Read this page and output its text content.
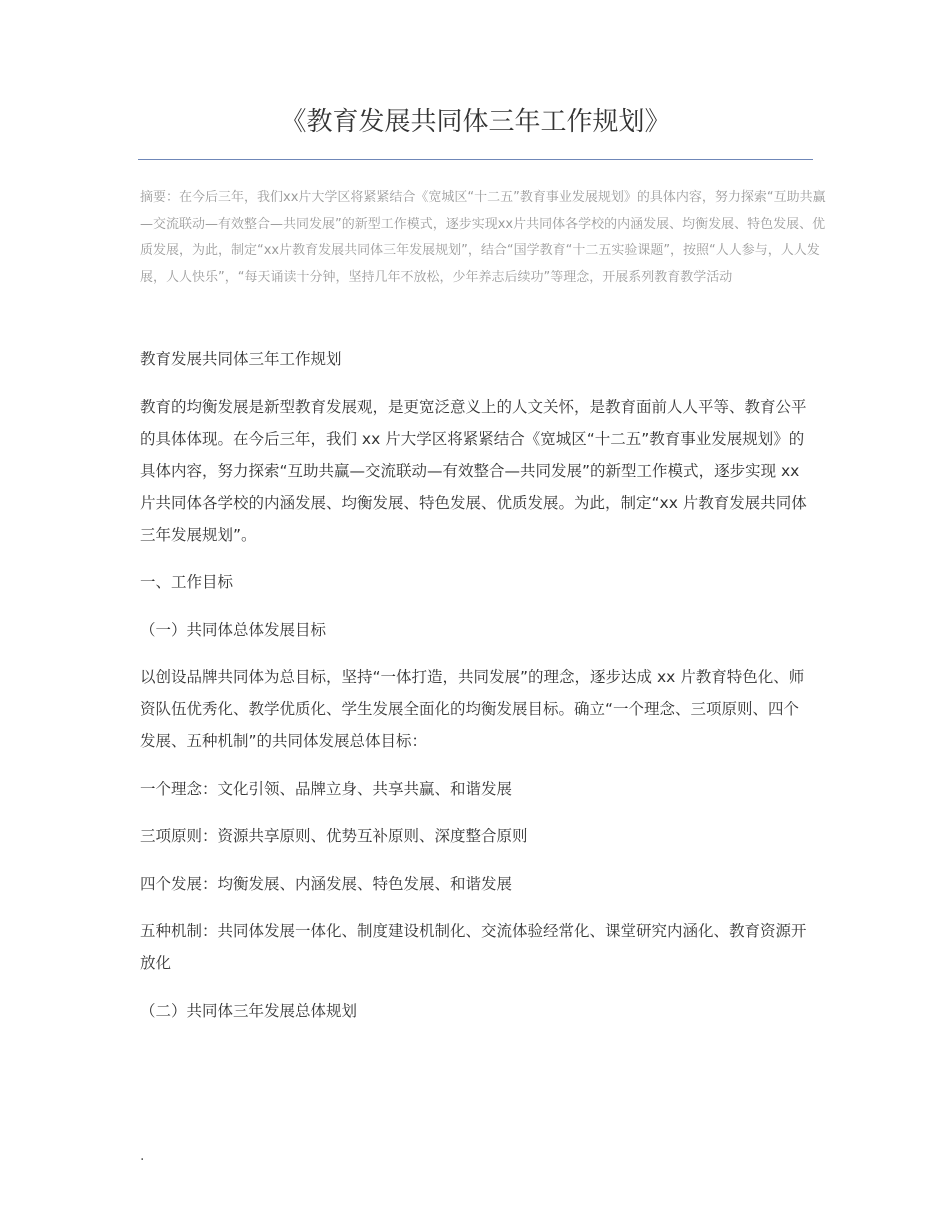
《教育发展共同体三年工作规划》

摘要：在今后三年，我们xx片大学区将紧紧结合《宽城区“十二五”教育事业发展规划》的具体内容，努力探索“互助共赢—交流联动—有效整合—共同发展”的新型工作模式，逐步实现xx片共同体各学校的内涵发展、均衡发展、特色发展、优质发展，为此，制定“xx片教育发展共同体三年发展规划”，结合“国学教育“十二五实验课题”，按照“人人参与，人人发展，人人快乐”，“每天诵读十分钟，坚持几年不放松，少年养志后续功”等理念，开展系列教育教学活动

教育发展共同体三年工作规划

教育的均衡发展是新型教育发展观，是更宽泛意义上的人文关怀，是教育面前人人平等、教育公平的具体体现。在今后三年，我们 xx 片大学区将紧紧结合《宽城区“十二五”教育事业发展规划》的具体内容，努力探索“互助共赢—交流联动—有效整合—共同发展”的新型工作模式，逐步实现 xx 片共同体各学校的内涵发展、均衡发展、特色发展、优质发展。为此，制定“xx 片教育发展共同体三年发展规划”。

一、工作目标

（一）共同体总体发展目标

以创设品牌共同体为总目标，坚持“一体打造，共同发展”的理念，逐步达成 xx 片教育特色化、师资队伍优秀化、教学优质化、学生发展全面化的均衡发展目标。确立“一个理念、三项原则、四个发展、五种机制”的共同体发展总体目标：

一个理念：文化引领、品牌立身、共享共赢、和谐发展

三项原则：资源共享原则、优势互补原则、深度整合原则

四个发展：均衡发展、内涵发展、特色发展、和谐发展

五种机制：共同体发展一体化、制度建设机制化、交流体验经常化、课堂研究内涵化、教育资源开放化

（二）共同体三年发展总体规划

.
